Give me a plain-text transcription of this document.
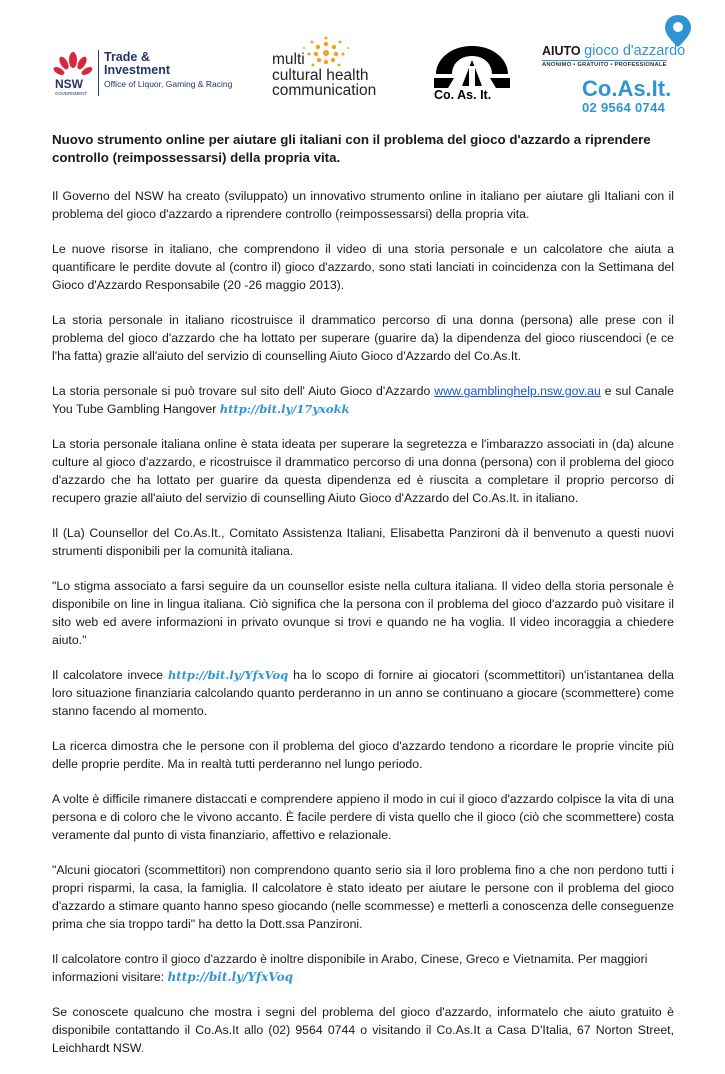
NSW
GOVERNMENT
Trade &
Investment
Office of Liquor, Gaming & Racing
multi
cultural health
communication	Co. As. It.
AIUTO gioco d'azzardo
ANONIMO • GRATUITO • PROFESSIONALE
Co.As.It.
02 9564 0744

Nuovo strumento online per aiutare gli italiani con il problema del gioco d'azzardo a riprendere controllo (reimpossessarsi) della propria vita.

Il Governo del NSW ha creato (sviluppato) un innovativo strumento online in italiano per aiutare gli Italiani con il problema del gioco d'azzardo a riprendere controllo (reimpossessarsi) della propria vita.

Le nuove risorse in italiano, che comprendono il video di una storia personale e un calcolatore che aiuta a quantificare le perdite dovute al (contro il) gioco d'azzardo, sono stati lanciati in coincidenza con la Settimana del Gioco d'Azzardo Responsabile (20 -26 maggio 2013).

La storia personale in italiano ricostruisce il drammatico percorso di una donna (persona) alle prese con il problema del gioco d'azzardo che ha lottato per superare (guarire da) la dipendenza del gioco riuscendoci (e ce l'ha fatta) grazie all'aiuto del servizio di counselling Aiuto Gioco d'Azzardo del Co.As.It.

La storia personale si può trovare sul sito dell' Aiuto Gioco d'Azzardo www.gamblinghelp.nsw.gov.au e sul Canale You Tube Gambling Hangover http://bit.ly/17yxokk

La storia personale italiana online è stata ideata per superare la segretezza e l'imbarazzo associati in (da) alcune culture al gioco d'azzardo, e ricostruisce il drammatico percorso di una donna (persona) con il problema del gioco d'azzardo che ha lottato per guarire da questa dipendenza ed è riuscita a completare il proprio percorso di recupero grazie all'aiuto del servizio di counselling Aiuto Gioco d'Azzardo del Co.As.It. in italiano.

Il (La) Counsellor del Co.As.It., Comitato Assistenza Italiani, Elisabetta Panzironi dà il benvenuto a questi nuovi strumenti disponibili per la comunità italiana.

"Lo stigma associato a farsi seguire da un counsellor esiste nella cultura italiana. Il video della storia personale è disponibile on line in lingua italiana. Ciò significa che la persona con il problema del gioco d'azzardo può visitare il sito web ed avere informazioni in privato ovunque si trovi e quando ne ha voglia. Il video incoraggia a chiedere aiuto."

Il calcolatore invece http://bit.ly/YfxVoq ha lo scopo di fornire ai giocatori (scommettitori) un'istantanea della loro situazione finanziaria calcolando quanto perderanno in un anno se continuano a giocare (scommettere) come stanno facendo al momento.

La ricerca dimostra che le persone con il problema del gioco d'azzardo tendono a ricordare le proprie vincite più delle proprie perdite. Ma in realtà tutti perderanno nel lungo periodo.

A volte è difficile rimanere distaccati e comprendere appieno il modo in cui il gioco d'azzardo colpisce la vita di una persona e di coloro che le vivono accanto. È facile perdere di vista quello che il gioco (ciò che scommettere) costa veramente dal punto di vista finanziario, affettivo e relazionale.

"Alcuni giocatori (scommettitori) non comprendono quanto serio sia il loro problema fino a che non perdono tutti i propri risparmi, la casa, la famiglia. Il calcolatore è stato ideato per aiutare le persone con il problema del gioco d'azzardo a stimare quanto hanno speso giocando (nelle scommesse) e metterli a conoscenza delle conseguenze prima che sia troppo tardi" ha detto la Dott.ssa Panzironi.

Il calcolatore contro il gioco d'azzardo è inoltre disponibile in Arabo, Cinese, Greco e Vietnamita. Per maggiori informazioni visitare: http://bit.ly/YfxVoq

Se conoscete qualcuno che mostra i segni del problema del gioco d'azzardo, informatelo che aiuto gratuito è disponibile contattando il Co.As.It allo (02) 9564 0744 o visitando il Co.As.It a Casa D'Italia, 67 Norton Street, Leichhardt NSW.
